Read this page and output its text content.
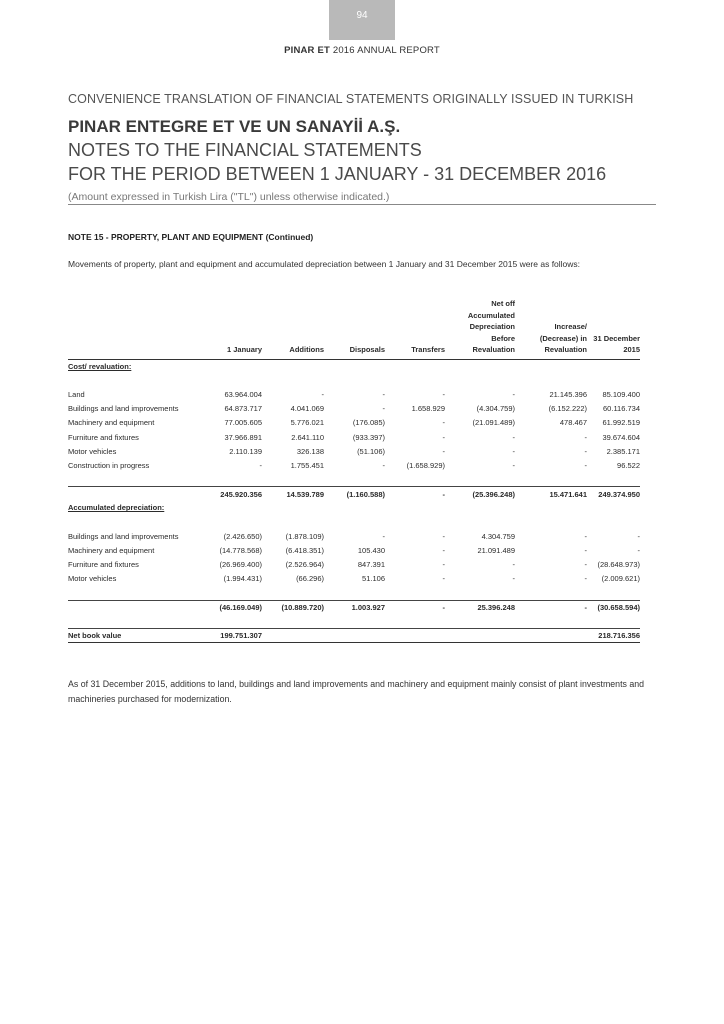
94
PINAR ET 2016 ANNUAL REPORT
CONVENIENCE TRANSLATION OF FINANCIAL STATEMENTS ORIGINALLY ISSUED IN TURKISH
PINAR ENTEGRE ET VE UN SANAYİİ A.Ş.
NOTES TO THE FINANCIAL STATEMENTS
FOR THE PERIOD BETWEEN 1 JANUARY - 31 DECEMBER 2016
(Amount expressed in Turkish Lira ("TL") unless otherwise indicated.)
NOTE 15 - PROPERTY, PLANT AND EQUIPMENT (Continued)
Movements of property, plant and equipment and accumulated depreciation between 1 January and 31 December 2015 were as follows:
	1 January	Additions	Disposals	Transfers	Net off
Accumulated
Depreciation
Before
Revaluation	Increase/
(Decrease) in
Revaluation	31 December
2015
Cost/ revaluation:							

Land	63.964.004	-	-	-	-	21.145.396	85.109.400
Buildings and land improvements	64.873.717	4.041.069	-	1.658.929	(4.304.759)	(6.152.222)	60.116.734
Machinery and equipment	77.005.605	5.776.021	(176.085)	-	(21.091.489)	478.467	61.992.519
Furniture and fixtures	37.966.891	2.641.110	(933.397)	-	-	-	39.674.604
Motor vehicles	2.110.139	326.138	(51.106)	-	-	-	2.385.171
Construction in progress	-	1.755.451	-	(1.658.929)	-	-	96.522

	245.920.356	14.539.789	(1.160.588)	-	(25.396.248)	15.471.641	249.374.950
Accumulated depreciation:							

Buildings and land improvements	(2.426.650)	(1.878.109)	-	-	4.304.759	-	-
Machinery and equipment	(14.778.568)	(6.418.351)	105.430	-	21.091.489	-	-
Furniture and fixtures	(26.969.400)	(2.526.964)	847.391	-	-	-	(28.648.973)
Motor vehicles	(1.994.431)	(66.296)	51.106	-	-	-	(2.009.621)

	(46.169.049)	(10.889.720)	1.003.927	-	25.396.248	-	(30.658.594)

Net book value	199.751.307						218.716.356
As of 31 December 2015, additions to land, buildings and land improvements and machinery and equipment mainly consist of plant investments and machineries purchased for modernization.
